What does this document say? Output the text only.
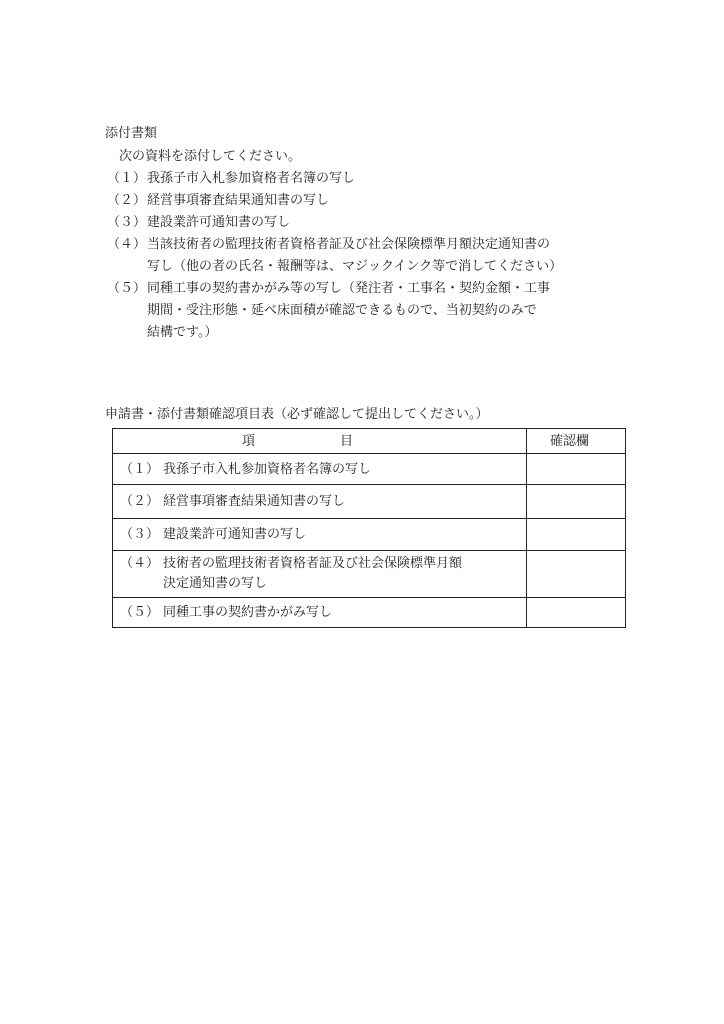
添付書類
次の資料を添付してください。
（１） 我孫子市入札参加資格者名簿の写し
（２） 経営事項審査結果通知書の写し
（３） 建設業許可通知書の写し
（４） 当該技術者の監理技術者資格者証及び社会保険標準月額決定通知書の
写し（他の者の氏名・報酬等は、マジックインク等で消してください）
（５） 同種工事の契約書かがみ等の写し（発注者・工事名・契約金額・工事
期間・受注形態・延べ床面積が確認できるもので、当初契約のみで
結構です。）
申請書・添付書類確認項目表（必ず確認して提出してください。）
項	目	確認欄
（１） 我孫子市入札参加資格者名簿の写し
（２） 経営事項審査結果通知書の写し
（３） 建設業許可通知書の写し
（４） 技術者の監理技術者資格者証及び社会保険標準月額
決定通知書の写し
（５） 同種工事の契約書かがみ写し
